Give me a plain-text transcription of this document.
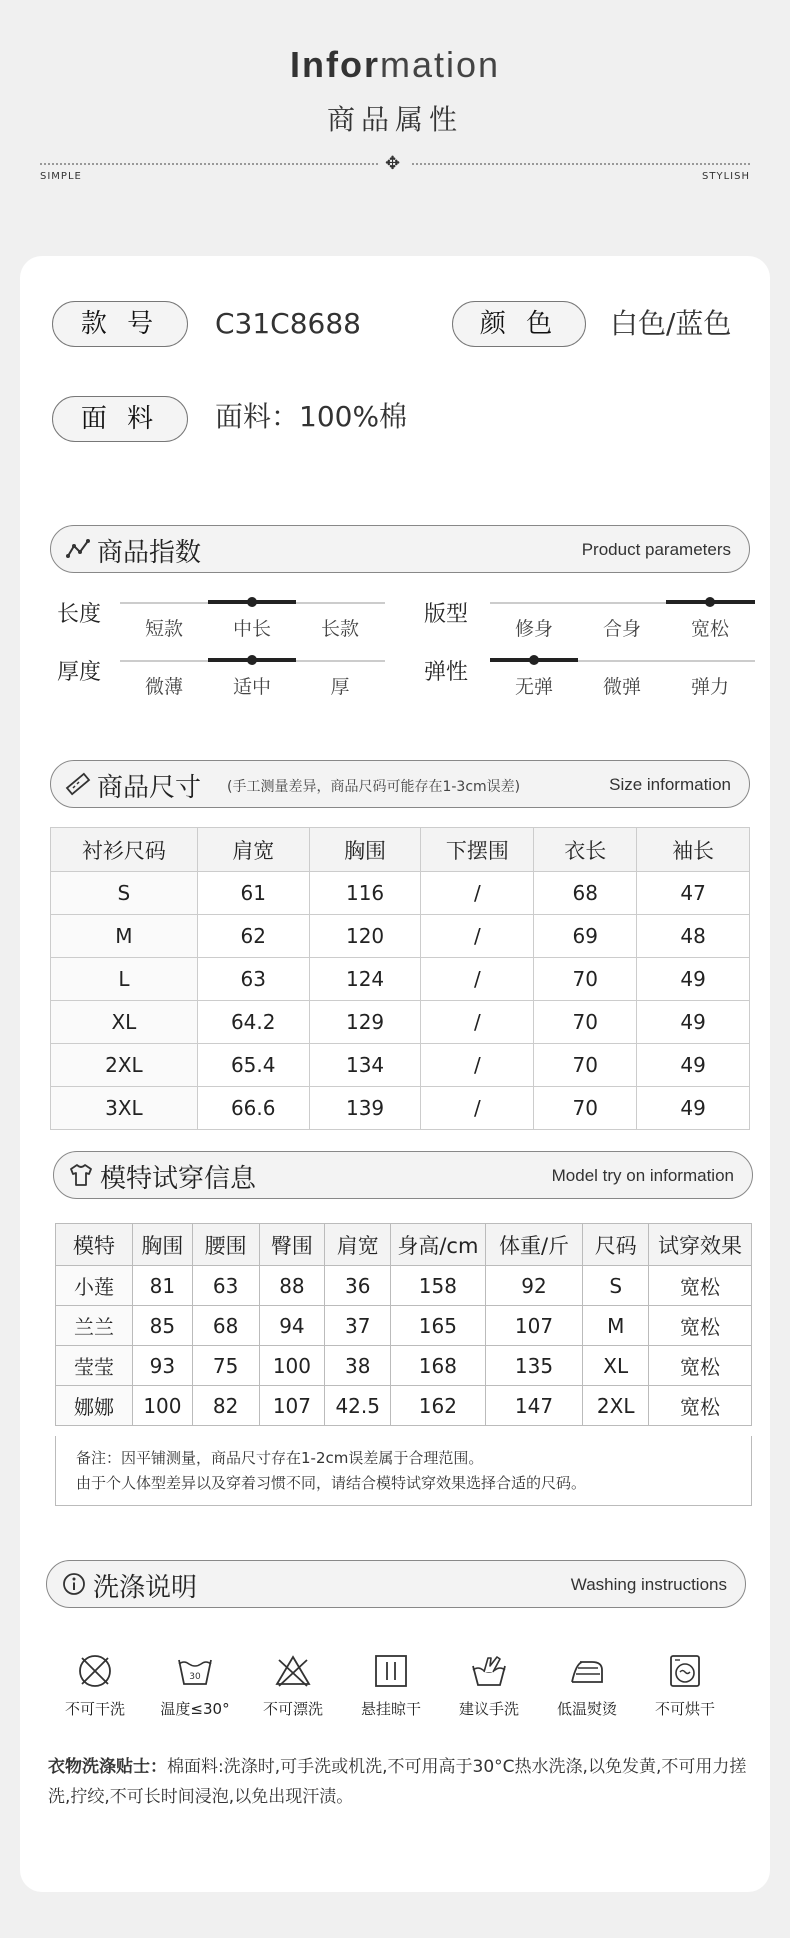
Information
商品属性
✥
SIMPLE	STYLISH
款 号	C31C8688	颜 色	白色/蓝色
面 料	面料：100%棉
商品指数	Product parameters
长度
短款	中长	长款
版型
修身	合身	宽松
厚度
微薄	适中	厚
弹性
无弹	微弹	弹力
商品尺寸 (手工测量差异，商品尺码可能存在1-3cm误差)	Size information
衬衫尺码	肩宽	胸围	下摆围	衣长	袖长
S	61	116	/	68	47
M	62	120	/	69	48
L	63	124	/	70	49
XL	64.2	129	/	70	49
2XL	65.4	134	/	70	49
3XL	66.6	139	/	70	49
模特试穿信息	Model try on information
模特	胸围	腰围	臀围	肩宽	身高/cm	体重/斤	尺码	试穿效果
小莲	81	63	88	36	158	92	S	宽松
兰兰	85	68	94	37	165	107	M	宽松
莹莹	93	75	100	38	168	135	XL	宽松
娜娜	100	82	107	42.5	162	147	2XL	宽松
备注：因平铺测量，商品尺寸存在1-2cm误差属于合理范围。
由于个人体型差异以及穿着习惯不同，请结合模特试穿效果选择合适的尺码。
洗涤说明	Washing instructions
不可干洗
30
温度≤30°	不可漂洗	悬挂晾干	建议手洗	低温熨烫	不可烘干
衣物洗涤贴士：棉面料:洗涤时,可手洗或机洗,不可用高于30°C热水洗涤,以免发黄,不可用力搓洗,拧绞,不可长时间浸泡,以免出现汗渍。
